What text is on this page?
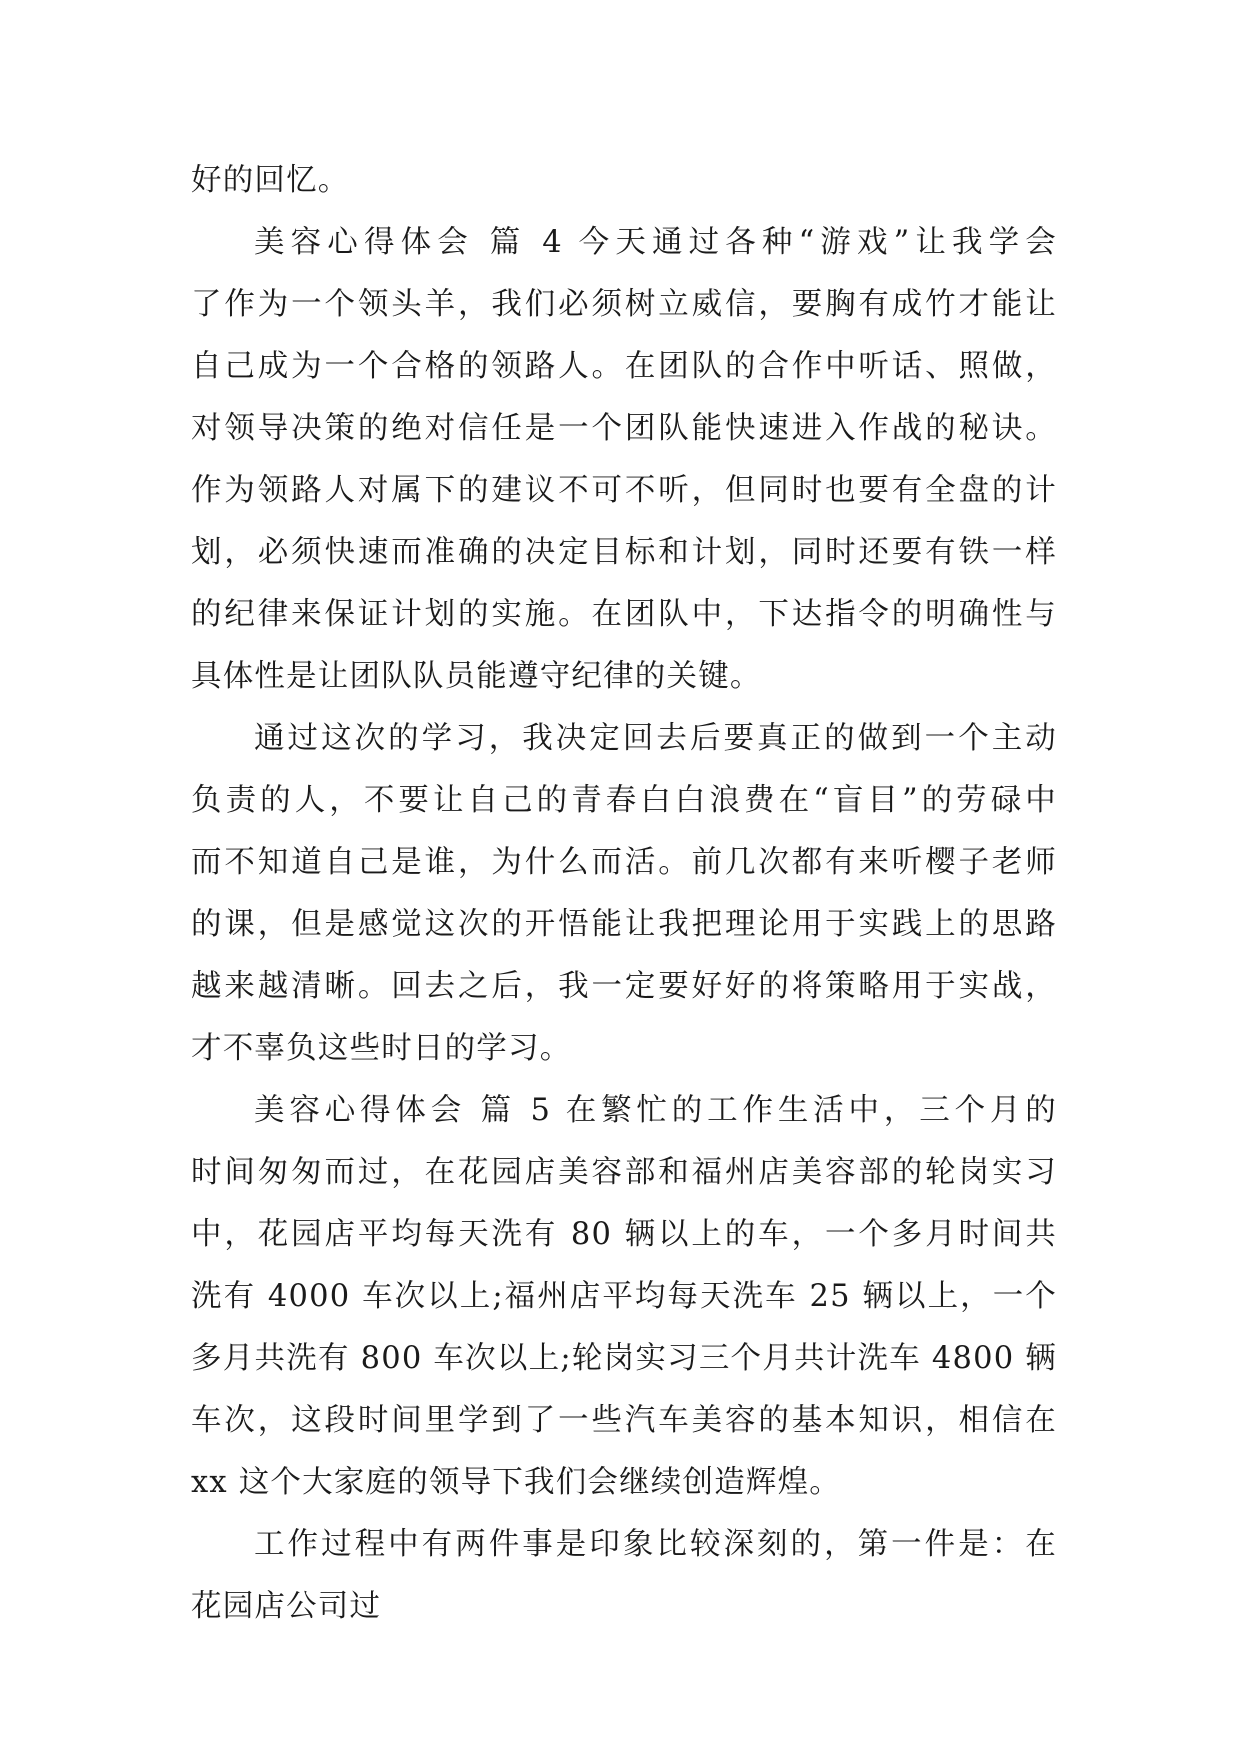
好的回忆。
美容心得体会 篇 4 今天通过各种“游戏”让我学会
了作为一个领头羊，我们必须树立威信，要胸有成竹才能让
自己成为一个合格的领路人。在团队的合作中听话、照做，
对领导决策的绝对信任是一个团队能快速进入作战的秘诀。
作为领路人对属下的建议不可不听，但同时也要有全盘的计
划，必须快速而准确的决定目标和计划，同时还要有铁一样
的纪律来保证计划的实施。在团队中，下达指令的明确性与
具体性是让团队队员能遵守纪律的关键。
通过这次的学习，我决定回去后要真正的做到一个主动
负责的人，不要让自己的青春白白浪费在“盲目”的劳碌中
而不知道自己是谁，为什么而活。前几次都有来听樱子老师
的课，但是感觉这次的开悟能让我把理论用于实践上的思路
越来越清晰。回去之后，我一定要好好的将策略用于实战，
才不辜负这些时日的学习。
美容心得体会 篇 5 在繁忙的工作生活中，三个月的
时间匆匆而过，在花园店美容部和福州店美容部的轮岗实习
中，花园店平均每天洗有 80 辆以上的车，一个多月时间共
洗有 4000 车次以上;福州店平均每天洗车 25 辆以上，一个
多月共洗有 800 车次以上;轮岗实习三个月共计洗车 4800 辆
车次，这段时间里学到了一些汽车美容的基本知识，相信在
xx 这个大家庭的领导下我们会继续创造辉煌。
工作过程中有两件事是印象比较深刻的，第一件是：在
花园店公司过
